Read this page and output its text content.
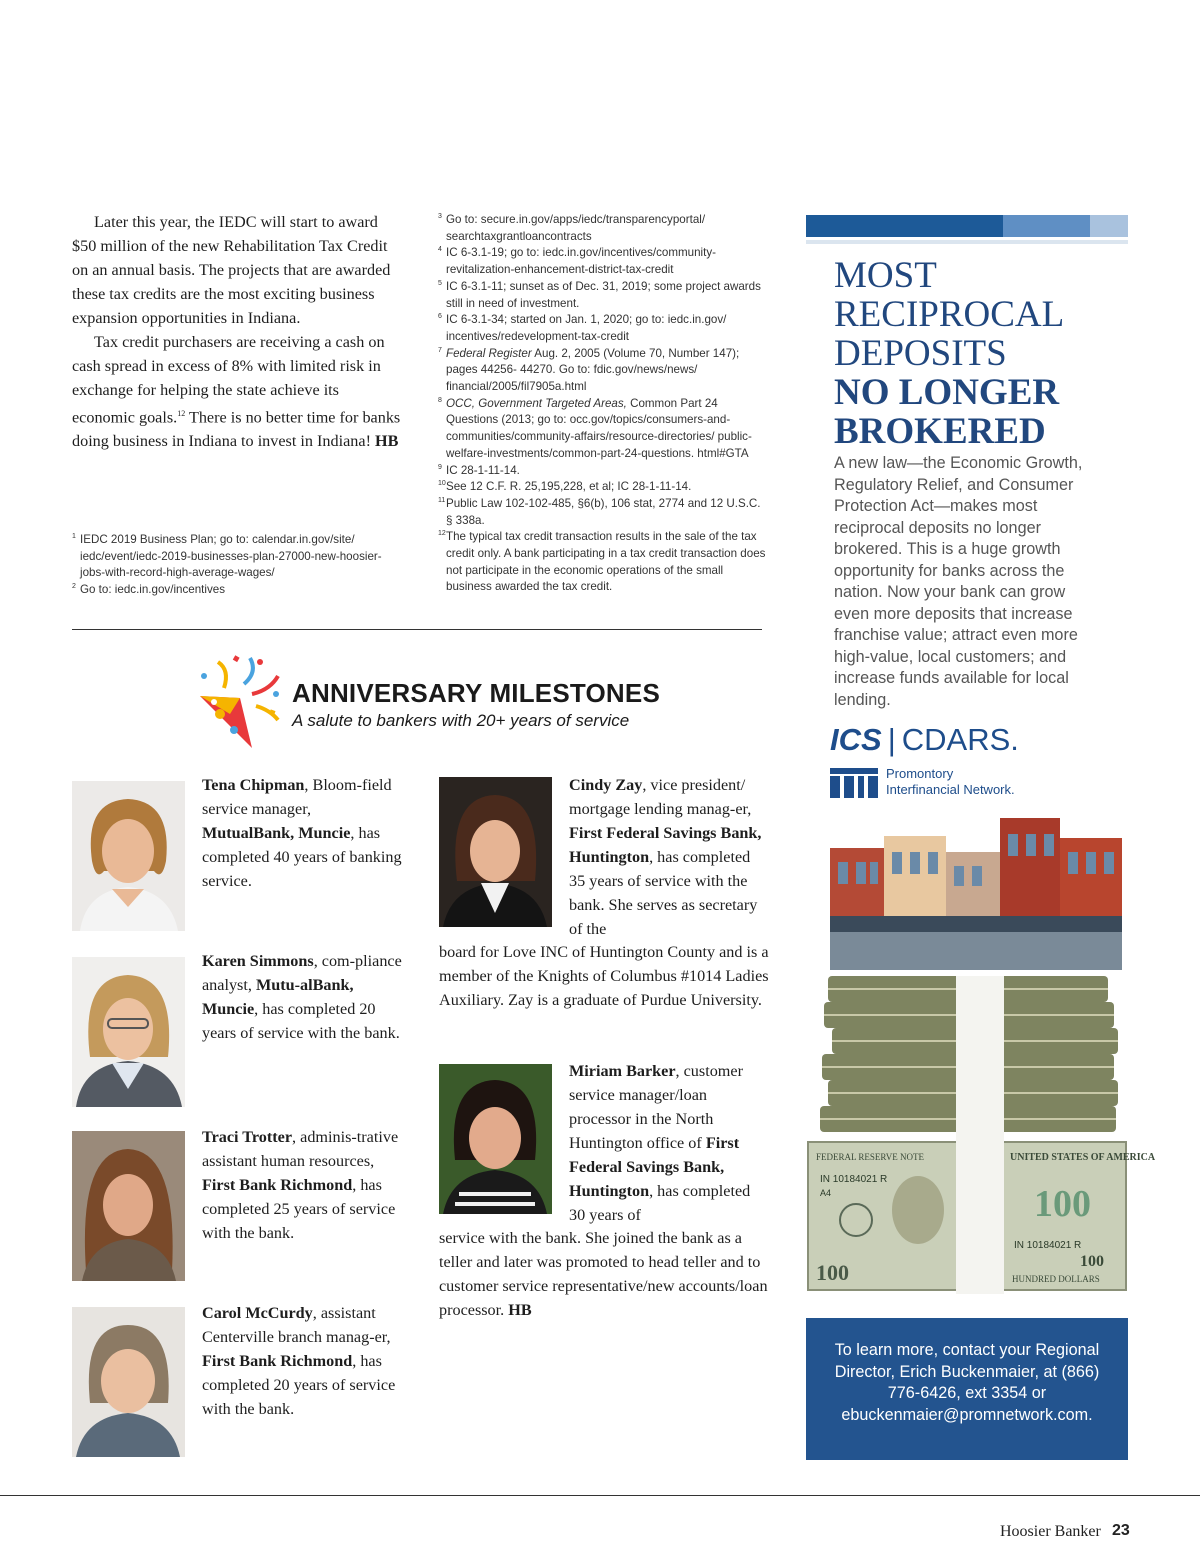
Later this year, the IEDC will start to award $50 million of the new Rehabilitation Tax Credit on an annual basis. The projects that are awarded these tax credits are the most exciting business expansion opportunities in Indiana.

Tax credit purchasers are receiving a cash on cash spread in excess of 8% with limited risk in exchange for helping the state achieve its economic goals.$^{12}$ There is no better time for banks doing business in Indiana to invest in Indiana! HB

1 IEDC 2019 Business Plan; go to: calendar.in.gov/site/ iedc/event/iedc-2019-businesses-plan-27000-new-hoosier-jobs-with-record-high-average-wages/
2 Go to: iedc.in.gov/incentives
3 Go to: secure.in.gov/apps/iedc/transparencyportal/ searchtaxgrantloancontracts
4 IC 6-3.1-19; go to: iedc.in.gov/incentives/community-revitalization-enhancement-district-tax-credit
5 IC 6-3.1-11; sunset as of Dec. 31, 2019; some project awards still in need of investment.
6 IC 6-3.1-34; started on Jan. 1, 2020; go to: iedc.in.gov/ incentives/redevelopment-tax-credit
7 Federal Register Aug. 2, 2005 (Volume 70, Number 147); pages 44256- 44270. Go to: fdic.gov/news/news/ financial/2005/fil7905a.html
8 OCC, Government Targeted Areas, Common Part 24 Questions (2013; go to: occ.gov/topics/consumers-and-communities/community-affairs/resource-directories/ public-welfare-investments/common-part-24-questions. html#GTA
9 IC 28-1-11-14.
10 See 12 C.F. R. 25,195,228, et al; IC 28-1-11-14.
11 Public Law 102-102-485, §6(b), 106 stat, 2774 and 12 U.S.C. § 338a.
12 The typical tax credit transaction results in the sale of the tax credit only. A bank participating in a tax credit transaction does not participate in the economic operations of the small business awarded the tax credit.
ANNIVERSARY MILESTONES
A salute to bankers with 20+ years of service
Tena Chipman, Bloom-field service manager, MutualBank, Muncie, has completed 40 years of banking service.
Karen Simmons, com-pliance analyst, Mutu-alBank, Muncie, has completed 20 years of service with the bank.
Traci Trotter, adminis-trative assistant human resources, First Bank Richmond, has completed 25 years of service with the bank.
Carol McCurdy, assistant Centerville branch manag-er, First Bank Richmond, has completed 20 years of service with the bank.
Cindy Zay, vice president/ mortgage lending manag-er, First Federal Savings Bank, Huntington, has completed 35 years of service with the bank. She serves as secretary of the
board for Love INC of Huntington County and is a member of the Knights of Columbus #1014 Ladies Auxiliary. Zay is a graduate of Purdue University.
Miriam Barker, customer service manager/loan processor in the North Huntington office of First Federal Savings Bank, Huntington, has completed 30 years of
service with the bank. She joined the bank as a teller and later was promoted to head teller and to customer service representative/new accounts/loan processor. HB
MOST
RECIPROCAL
DEPOSITS
NO LONGER
BROKERED
A new law—the Economic Growth, Regulatory Relief, and Consumer Protection Act—makes most reciprocal deposits no longer brokered. This is a huge growth opportunity for banks across the nation. Now your bank can grow even more deposits that increase franchise value; attract even more high-value, local customers; and increase funds available for local lending.
FEDERAL RESERVE NOTE
IN 10184021 R
A4
100
UNITED STATES OF AMERICA
100
IN 10184021 R
100
HUNDRED DOLLARS
ICS | CDARS.
Promontory
Interfinancial Network.
To learn more, contact your Regional Director, Erich Buckenmaier, at (866) 776-6426, ext 3354 or ebuckenmaier@promnetwork.com.
Hoosier Banker 23
